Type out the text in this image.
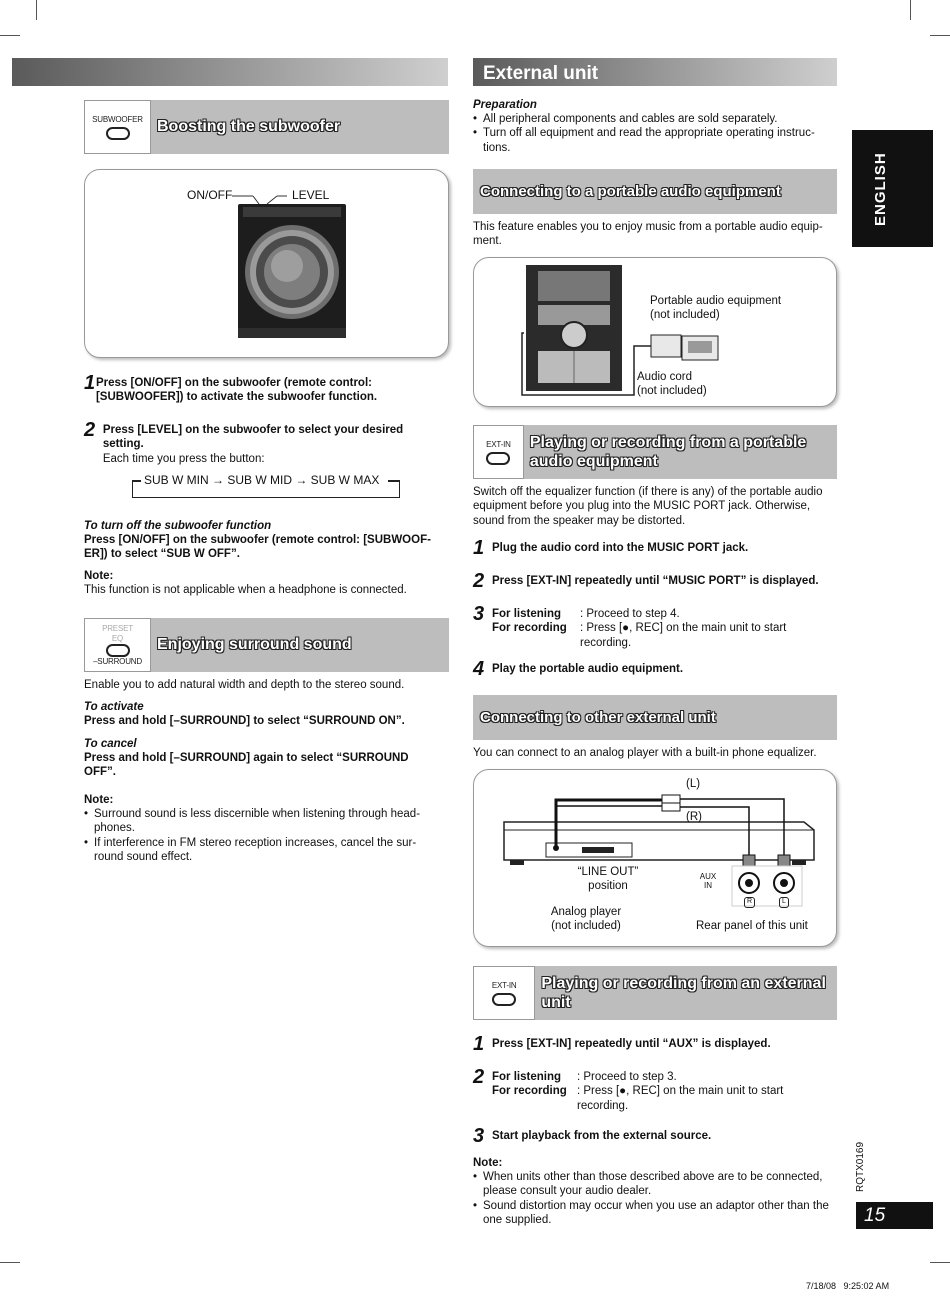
SUBWOOFER Boosting the subwoofer
ON/OFF	LEVEL
1 Press [ON/OFF] on the subwoofer (remote control: [SUBWOOFER]) to activate the subwoofer function.
2 Press [LEVEL] on the subwoofer to select your desired setting.
Each time you press the button:
SUB W MIN → SUB W MID → SUB W MAX
To turn off the subwoofer function
Press [ON/OFF] on the subwoofer (remote control: [SUBWOOF-ER]) to select “SUB W OFF”.
Note:
This function is not applicable when a headphone is connected.
PRESET
EQ
–SURROUND
Enjoying surround sound
Enable you to add natural width and depth to the stereo sound.
To activate
Press and hold [–SURROUND] to select “SURROUND ON”.
To cancel
Press and hold [–SURROUND] again to select “SURROUND OFF”.
Note:
• Surround sound is less discernible when listening through head-phones.
• If interference in FM stereo reception increases, cancel the sur-round sound effect.
External unit
Preparation
• All peripheral components and cables are sold separately.
• Turn off all equipment and read the appropriate operating instruc-tions.
Connecting to a portable audio equipment
This feature enables you to enjoy music from a portable audio equip-ment.
Portable audio equipment
(not included)
Audio cord
(not included)
EXT-IN	Playing or recording from a portable audio equipment
Switch off the equalizer function (if there is any) of the portable audio equipment before you plug into the MUSIC PORT jack. Otherwise, sound from the speaker may be distorted.
1 Plug the audio cord into the MUSIC PORT jack.
2 Press [EXT-IN] repeatedly until “MUSIC PORT” is displayed.
3 For listening	: Proceed to step 4.
For recording	: Press [●, REC] on the main unit to start recording.
4 Play the portable audio equipment.
Connecting to other external unit
You can connect to an analog player with a built-in phone equalizer.
(L)
(R)
“LINE OUT”
position
Analog player
(not included)
AUX
IN
R	L
Rear panel of this unit
EXT-IN	Playing or recording from an external unit
1 Press [EXT-IN] repeatedly until “AUX” is displayed.
2 For listening	: Proceed to step 3.
For recording : Press [●, REC] on the main unit to start recording.
3 Start playback from the external source.
Note:
• When units other than those described above are to be connected, please consult your audio dealer.
• Sound distortion may occur when you use an adaptor other than the one supplied.
ENGLISH
RQTX0169
15
7/18/08   9:25:02 AM
